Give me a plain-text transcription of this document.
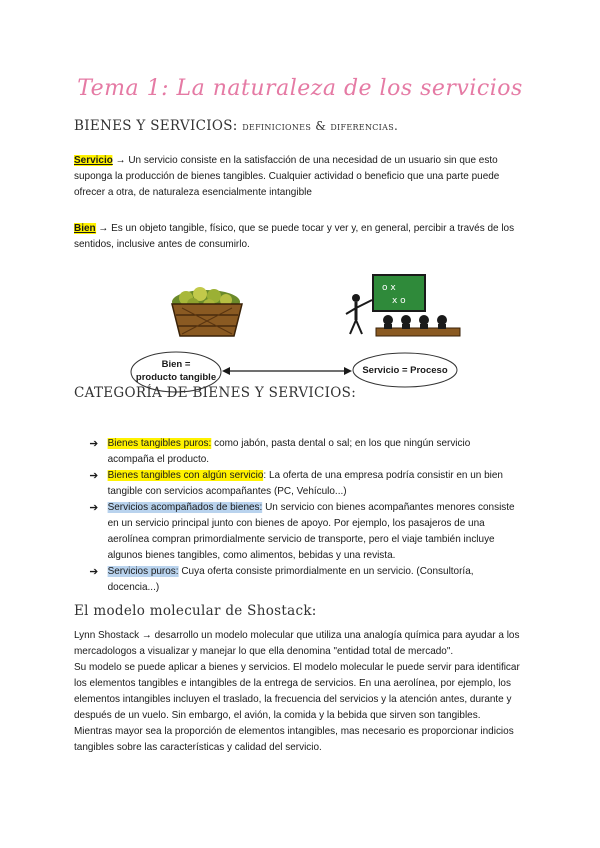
Tema 1: La naturaleza de los servicios
BIENES Y SERVICIOS: definiciones & diferencias.
Servicio → Un servicio consiste en la satisfacción de una necesidad de un usuario sin que esto suponga la producción de bienes tangibles. Cualquier actividad o beneficio que una parte puede ofrecer a otra, de naturaleza esencialmente intangible
Bien → Es un objeto tangible, físico, que se puede tocar y ver y, en general, percibir a través de los sentidos, inclusive antes de consumirlo.
o x
x o
Bien =
producto tangible
Servicio = Proceso
CATEGORÍA DE BIENES Y SERVICIOS:
➔ Bienes tangibles puros: como jabón, pasta dental o sal; en los que ningún servicio acompaña el producto.
➔ Bienes tangibles con algún servicio: La oferta de una empresa podría consistir en un bien tangible con servicios acompañantes (PC, Vehículo...)
➔ Servicios acompañados de bienes: Un servicio con bienes acompañantes menores consiste en un servicio principal junto con bienes de apoyo. Por ejemplo, los pasajeros de una aerolínea compran primordialmente servicio de transporte, pero el viaje también incluye algunos bienes tangibles, como alimentos, bebidas y una revista.
➔ Servicios puros: Cuya oferta consiste primordialmente en un servicio. (Consultoría, docencia...)
El modelo molecular de Shostack:
Lynn Shostack → desarrollo un modelo molecular que utiliza una analogía química para ayudar a los mercadologos a visualizar y manejar lo que ella denomina "entidad total de mercado".
Su modelo se puede aplicar a bienes y servicios. El modelo molecular le puede servir para identificar los elementos tangibles e intangibles de la entrega de servicios. En una aerolínea, por ejemplo, los elementos intangibles incluyen el traslado, la frecuencia del servicios y la atención antes, durante y después de un vuelo. Sin embargo, el avión, la comida y la bebida que sirven son tangibles. Mientras mayor sea la proporción de elementos intangibles, mas necesario es proporcionar indicios tangibles sobre las características y calidad del servicio.
